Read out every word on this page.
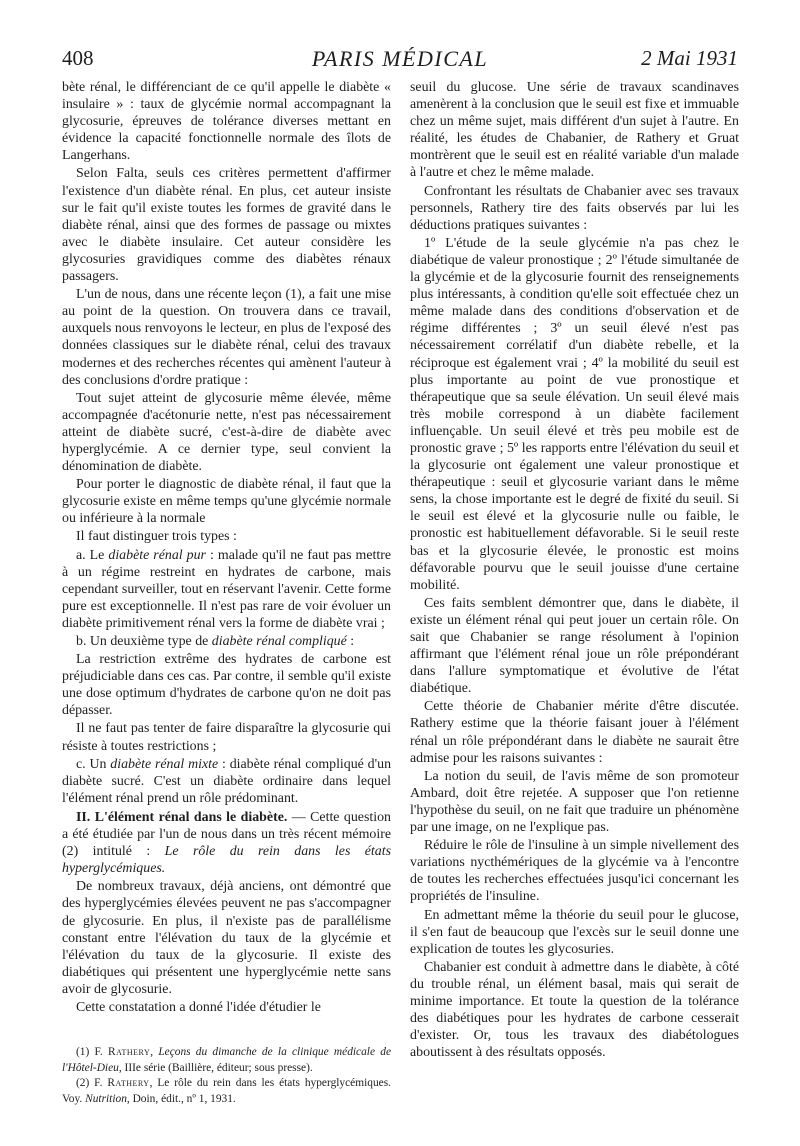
408	PARIS MÉDICAL	2 Mai 1931

bète rénal, le différenciant de ce qu'il appelle le diabète « insulaire » : taux de glycémie normal accompagnant la glycosurie, épreuves de tolérance diverses mettant en évidence la capacité fonctionnelle normale des îlots de Langerhans.

Selon Falta, seuls ces critères permettent d'affirmer l'existence d'un diabète rénal. En plus, cet auteur insiste sur le fait qu'il existe toutes les formes de gravité dans le diabète rénal, ainsi que des formes de passage ou mixtes avec le diabète insulaire. Cet auteur considère les glycosuries gravidiques comme des diabètes rénaux passagers.

L'un de nous, dans une récente leçon (1), a fait une mise au point de la question. On trouvera dans ce travail, auxquels nous renvoyons le lecteur, en plus de l'exposé des données classiques sur le diabète rénal, celui des travaux modernes et des recherches récentes qui amènent l'auteur à des conclusions d'ordre pratique :

Tout sujet atteint de glycosurie même élevée, même accompagnée d'acétonurie nette, n'est pas nécessairement atteint de diabète sucré, c'est-à-dire de diabète avec hyperglycémie. A ce dernier type, seul convient la dénomination de diabète.

Pour porter le diagnostic de diabète rénal, il faut que la glycosurie existe en même temps qu'une glycémie normale ou inférieure à la normale

Il faut distinguer trois types :

a. Le diabète rénal pur : malade qu'il ne faut pas mettre à un régime restreint en hydrates de carbone, mais cependant surveiller, tout en réservant l'avenir. Cette forme pure est exceptionnelle. Il n'est pas rare de voir évoluer un diabète primitivement rénal vers la forme de diabète vrai ;

b. Un deuxième type de diabète rénal compliqué :

La restriction extrême des hydrates de carbone est préjudiciable dans ces cas. Par contre, il semble qu'il existe une dose optimum d'hydrates de carbone qu'on ne doit pas dépasser.

Il ne faut pas tenter de faire disparaître la glycosurie qui résiste à toutes restrictions ;

c. Un diabète rénal mixte : diabète rénal compliqué d'un diabète sucré. C'est un diabète ordinaire dans lequel l'élément rénal prend un rôle prédominant.

II. L'élément rénal dans le diabète. — Cette question a été étudiée par l'un de nous dans un très récent mémoire (2) intitulé : Le rôle du rein dans les états hyperglycémiques.

De nombreux travaux, déjà anciens, ont démontré que des hyperglycémies élevées peuvent ne pas s'accompagner de glycosurie. En plus, il n'existe pas de parallélisme constant entre l'élévation du taux de la glycémie et l'élévation du taux de la glycosurie. Il existe des diabétiques qui présentent une hyperglycémie nette sans avoir de glycosurie.

Cette constatation a donné l'idée d'étudier le

(1) F. Rathery, Leçons du dimanche de la clinique médicale de l'Hôtel-Dieu, IIIe série (Baillière, éditeur; sous presse).

(2) F. Rathery, Le rôle du rein dans les états hyperglycémiques. Voy. Nutrition, Doin, édit., nº 1, 1931.

seuil du glucose. Une série de travaux scandinaves amenèrent à la conclusion que le seuil est fixe et immuable chez un même sujet, mais différent d'un sujet à l'autre. En réalité, les études de Chabanier, de Rathery et Gruat montrèrent que le seuil est en réalité variable d'un malade à l'autre et chez le même malade.

Confrontant les résultats de Chabanier avec ses travaux personnels, Rathery tire des faits observés par lui les déductions pratiques suivantes :

1º L'étude de la seule glycémie n'a pas chez le diabétique de valeur pronostique ; 2º l'étude simultanée de la glycémie et de la glycosurie fournit des renseignements plus intéressants, à condition qu'elle soit effectuée chez un même malade dans des conditions d'observation et de régime différentes ; 3º un seuil élevé n'est pas nécessairement corrélatif d'un diabète rebelle, et la réciproque est également vrai ; 4º la mobilité du seuil est plus importante au point de vue pronostique et thérapeutique que sa seule élévation. Un seuil élevé mais très mobile correspond à un diabète facilement influençable. Un seuil élevé et très peu mobile est de pronostic grave ; 5º les rapports entre l'élévation du seuil et la glycosurie ont également une valeur pronostique et thérapeutique : seuil et glycosurie variant dans le même sens, la chose importante est le degré de fixité du seuil. Si le seuil est élevé et la glycosurie nulle ou faible, le pronostic est habituellement défavorable. Si le seuil reste bas et la glycosurie élevée, le pronostic est moins défavorable pourvu que le seuil jouisse d'une certaine mobilité.

Ces faits semblent démontrer que, dans le diabète, il existe un élément rénal qui peut jouer un certain rôle. On sait que Chabanier se range résolument à l'opinion affirmant que l'élément rénal joue un rôle prépondérant dans l'allure symptomatique et évolutive de l'état diabétique.

Cette théorie de Chabanier mérite d'être discutée. Rathery estime que la théorie faisant jouer à l'élément rénal un rôle prépondérant dans le diabète ne saurait être admise pour les raisons suivantes :

La notion du seuil, de l'avis même de son promoteur Ambard, doit être rejetée. A supposer que l'on retienne l'hypothèse du seuil, on ne fait que traduire un phénomène par une image, on ne l'explique pas.

Réduire le rôle de l'insuline à un simple nivellement des variations nycthémériques de la glycémie va à l'encontre de toutes les recherches effectuées jusqu'ici concernant les propriétés de l'insuline.

En admettant même la théorie du seuil pour le glucose, il s'en faut de beaucoup que l'excès sur le seuil donne une explication de toutes les glycosuries.

Chabanier est conduit à admettre dans le diabète, à côté du trouble rénal, un élément basal, mais qui serait de minime importance. Et toute la question de la tolérance des diabétiques pour les hydrates de carbone cesserait d'exister. Or, tous les travaux des diabétologues aboutissent à des résultats opposés.
